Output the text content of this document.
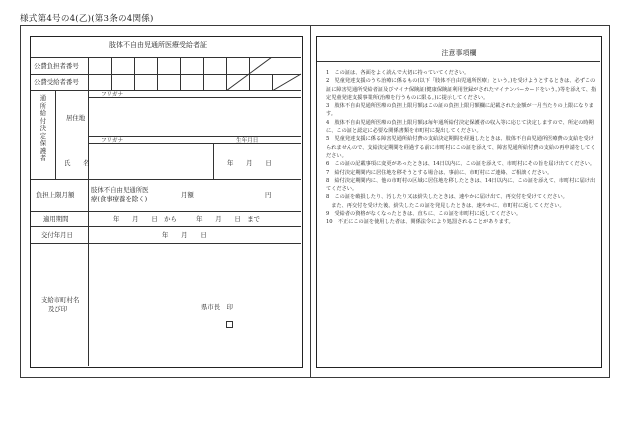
様式第4号の4(乙)(第3条の4関係)
肢体不自由児通所医療受給者証
公費負担者番号
公費受給者番号
フリガナ
居住地
フリガナ	生年月日
氏　　名	年　　月　　日
通所給付決定保護者
負担上限月額
肢体不自由児通所医
療(食事療養を除く)	月額	円
適用期間	年　　月　　日　から　　　年　　月　　日　まで
交付年月日	年　　月　　日
支給市町村名
及び印	県市長　印
注意事項欄
1　この証は、各面をよく読んで大切に持っていてください。
2　児童発達支援のうち治療に係るもの(以下「肢体不自由児通所医療」という。)を受けようとするときは、必ずこの証に障害児通所受給者証及びマイナ保険証(健康保険証利用登録がされたマイナンバーカードをいう。)等を添えて、指定児童発達支援事業所(治療を行うものに限る。)に提示してください。
3　肢体不自由児通所医療の負担上限月額はこの証の負担上限月額欄に記載された金額が一月当たりの上限になります。
4　肢体不自由児通所医療の負担上限月額は毎年通所給付決定保護者の収入等に応じて決定しますので、所定の時期に、この証と認定に必要な関係書類を市町村に提出してください。
5　児童発達支援に係る障害児通所給付費の支給決定期間を経過したときは、肢体不自由児通所医療費の支給を受けられませんので、支給決定期間を経過する前に市町村にこの証を添えて、障害児通所給付費の支給の再申請をしてください。
6　この証の記載事項に変更があったときは、14日以内に、この証を添えて、市町村にその旨を届け出てください。
7　給付決定期間内に居住地を移そうとする場合は、事前に、市町村にご連絡、ご相談ください。
8　給付決定期間内に、他の市町村の区域に居住地を移したときは、14日以内に、この証を添えて、市町村に届け出てください。
8　この証を破損したり、汚したり又は紛失したときは、速やかに届け出て、再交付を受けてください。
　また、再交付を受けた後、紛失したこの証を発見したときは、速やかに、市町村に返してください。
9　受給者の資格がなくなったときは、直ちに、この証を市町村に返してください。
10　不正にこの証を使用した者は、関係法令により処罰されることがあります。
